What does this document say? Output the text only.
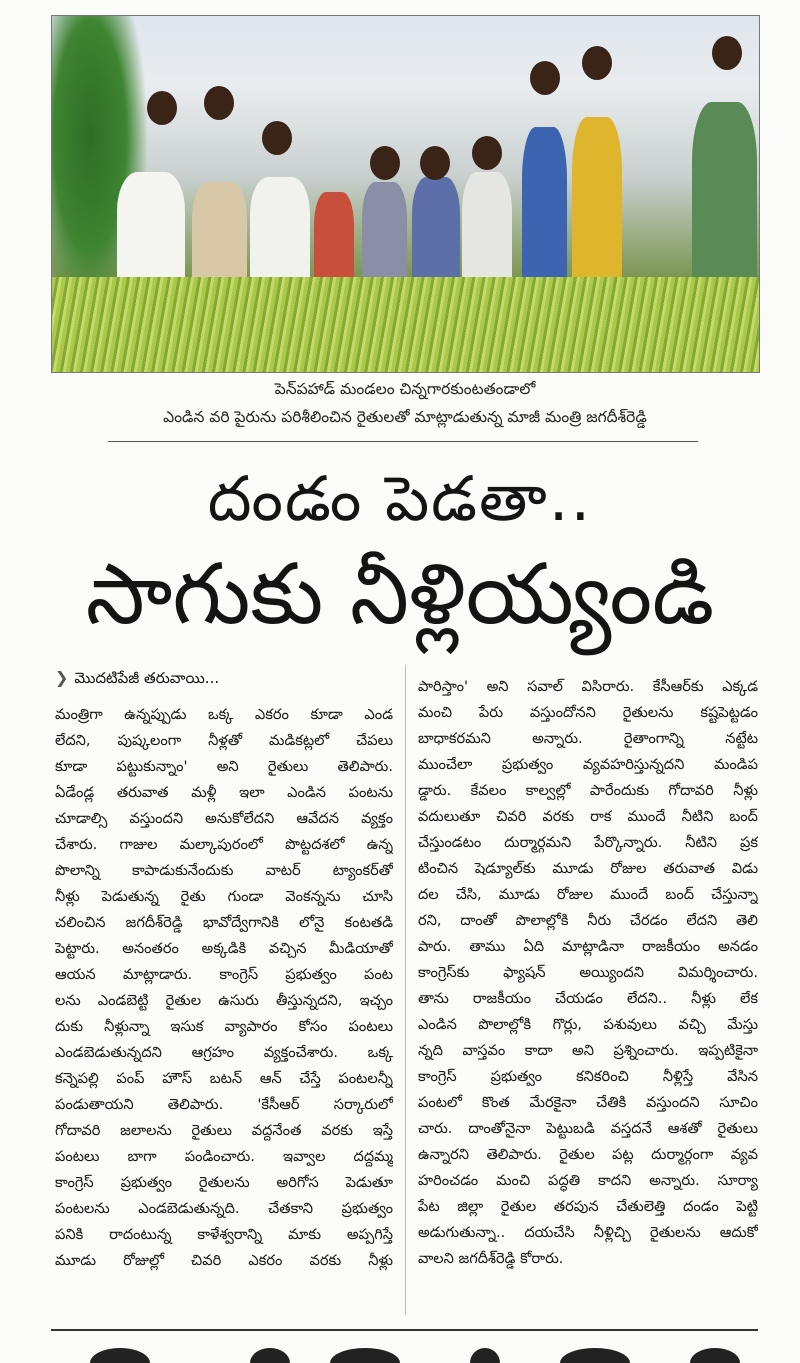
పెన్‌పహాడ్ మండలం చిన్నగారకుంటతండాలో
ఎండిన వరి పైరును పరిశీలించిన రైతులతో మాట్లాడుతున్న మాజీ మంత్రి జగదీశ్‌రెడ్డి
దండం పెడతా..
సాగుకు నీళ్లియ్యండి
❯ మొదటిపేజీ తరువాయి...

మంత్రిగా ఉన్నప్పుడు ఒక్క ఎకరం కూడా ఎండ

లేదని, పుష్కలంగా నీళ్లతో మడికట్లలో చేపలు

కూడా పట్టుకున్నాం' అని రైతులు తెలిపారు.

ఏడేండ్ల తరువాత మళ్లీ ఇలా ఎండిన పంటను

చూడాల్సి వస్తుందని అనుకోలేదని ఆవేదన వ్యక్తం

చేశారు. గాజుల మల్కాపురంలో పొట్టదశలో ఉన్న

పొలాన్ని కాపాడుకునేందుకు వాటర్ ట్యాంకర్‌తో

నీళ్లు పెడుతున్న రైతు గుండా వెంకన్నను చూసి

చలించిన జగదీశ్‌రెడ్డి భావోద్వేగానికి లోనై కంటతడి

పెట్టారు. అనంతరం అక్కడికి వచ్చిన మీడియాతో

ఆయన మాట్లాడారు. కాంగ్రెస్ ప్రభుత్వం పంట

లను ఎండబెట్టి రైతుల ఉసురు తీస్తున్నదని, ఇచ్చం

దుకు నీళ్లున్నా ఇసుక వ్యాపారం కోసం పంటలు

ఎండబెడుతున్నదని ఆగ్రహం వ్యక్తంచేశారు. ఒక్క

కన్నెపల్లి పంప్ హౌస్ బటన్ ఆన్ చేస్తే పంటలన్నీ

పండుతాయని తెలిపారు. 'కేసీఆర్ సర్కారులో

గోదావరి జలాలను రైతులు వద్దనేంత వరకు ఇస్తే

పంటలు బాగా పండించారు. ఇవ్వాల దద్దమ్మ

కాంగ్రెస్ ప్రభుత్వం రైతులను అరిగోస పెడుతూ

పంటలను ఎండబెడుతున్నది. చేతకాని ప్రభుత్వం

పనికి రాదంటున్న కాళేశ్వరాన్ని మాకు అప్పగిస్తే

మూడు రోజుల్లో చివరి ఎకరం వరకు నీళ్లు

పారిస్తాం' అని సవాల్ విసిరారు. కేసీఆర్‌కు ఎక్కడ

మంచి పేరు వస్తుందోనని రైతులను కష్టపెట్టడం

బాధాకరమని అన్నారు. రైతాంగాన్ని నట్టేట

ముంచేలా ప్రభుత్వం వ్యవహరిస్తున్నదని మండిప

డ్డారు. కేవలం కాల్వల్లో పారేందుకు గోదావరి నీళ్లు

వదులుతూ చివరి వరకు రాక ముందే నీటిని బంద్

చేస్తుండటం దుర్మార్గమని పేర్కొన్నారు. నీటిని ప్రక

టించిన షెడ్యూల్‌కు మూడు రోజుల తరువాత విడు

దల చేసి, మూడు రోజుల ముందే బంద్ చేస్తున్నా

రని, దాంతో పొలాల్లోకి నీరు చేరడం లేదని తెలి

పారు. తాము ఏది మాట్లాడినా రాజకీయం అనడం

కాంగ్రెస్‌కు ఫ్యాషన్ అయ్యిందని విమర్శించారు.

తాను రాజకీయం చేయడం లేదని.. నీళ్లు లేక

ఎండిన పొలాల్లోకి గొర్లు, పశువులు వచ్చి మేస్తు

న్నది వాస్తవం కాదా అని ప్రశ్నించారు. ఇప్పటికైనా

కాంగ్రెస్ ప్రభుత్వం కనికరించి నీళ్లిస్తే వేసిన

పంటలో కొంత మేరకైనా చేతికి వస్తుందని సూచిం

చారు. దాంతోనైనా పెట్టుబడి వస్తదనే ఆశతో రైతులు

ఉన్నారని తెలిపారు. రైతుల పట్ల దుర్మార్గంగా వ్యవ

హరించడం మంచి పద్ధతి కాదని అన్నారు. సూర్యా

పేట జిల్లా రైతుల తరపున చేతులెత్తి దండం పెట్టి

అడుగుతున్నా.. దయచేసి నీళ్లిచ్చి రైతులను ఆదుకో

వాలని జగదీశ్‌రెడ్డి కోరారు.
